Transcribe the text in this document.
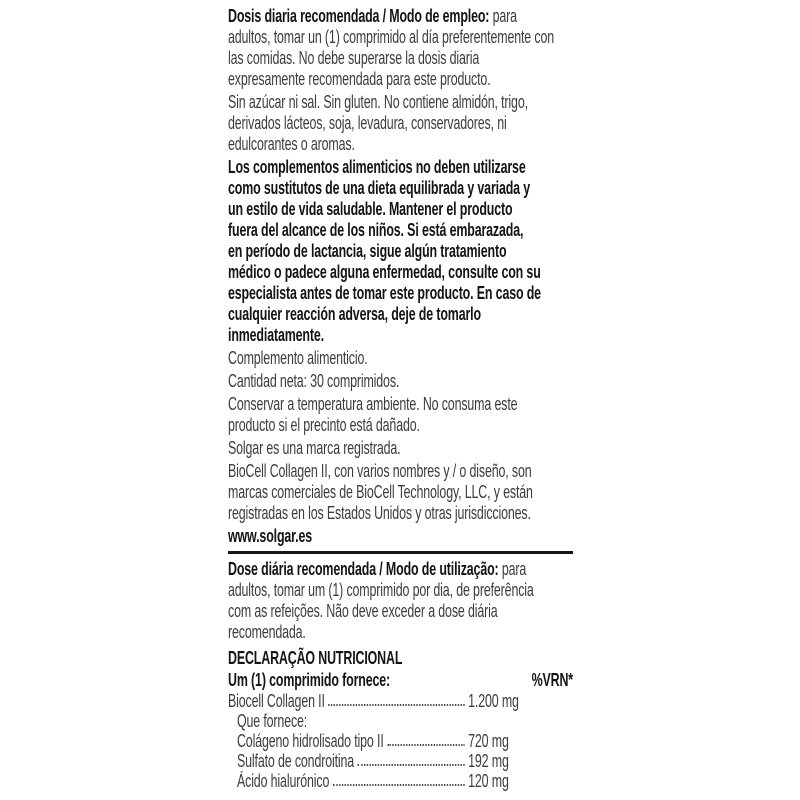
Dosis diaria recomendada / Modo de empleo: para
adultos, tomar un (1) comprimido al día preferentemente con
las comidas. No debe superarse la dosis diaria
expresamente recomendada para este producto.
Sin azúcar ni sal. Sin gluten. No contiene almidón, trigo,
derivados lácteos, soja, levadura, conservadores, ni
edulcorantes o aromas.
Los complementos alimenticios no deben utilizarse
como sustitutos de una dieta equilibrada y variada y
un estilo de vida saludable. Mantener el producto
fuera del alcance de los niños. Si está embarazada,
en período de lactancia, sigue algún tratamiento
médico o padece alguna enfermedad, consulte con su
especialista antes de tomar este producto. En caso de
cualquier reacción adversa, deje de tomarlo
inmediatamente.
Complemento alimenticio.
Cantidad neta: 30 comprimidos.
Conservar a temperatura ambiente. No consuma este
producto si el precinto está dañado.
Solgar es una marca registrada.
BioCell Collagen II, con varios nombres y / o diseño, son
marcas comerciales de BioCell Technology, LLC, y están
registradas en los Estados Unidos y otras jurisdicciones.
www.solgar.es
Dose diária recomendada / Modo de utilização: para
adultos, tomar um (1) comprimido por dia, de preferência
com as refeições. Não deve exceder a dose diária
recomendada.
DECLARAÇÃO NUTRICIONAL
Um (1) comprimido fornece:	%VRN*
Biocell Collagen II	1.200 mg
Que fornece:
Colágeno hidrolisado tipo II	720 mg
Sulfato de condroitina	192 mg
Ácido hialurónico	120 mg
